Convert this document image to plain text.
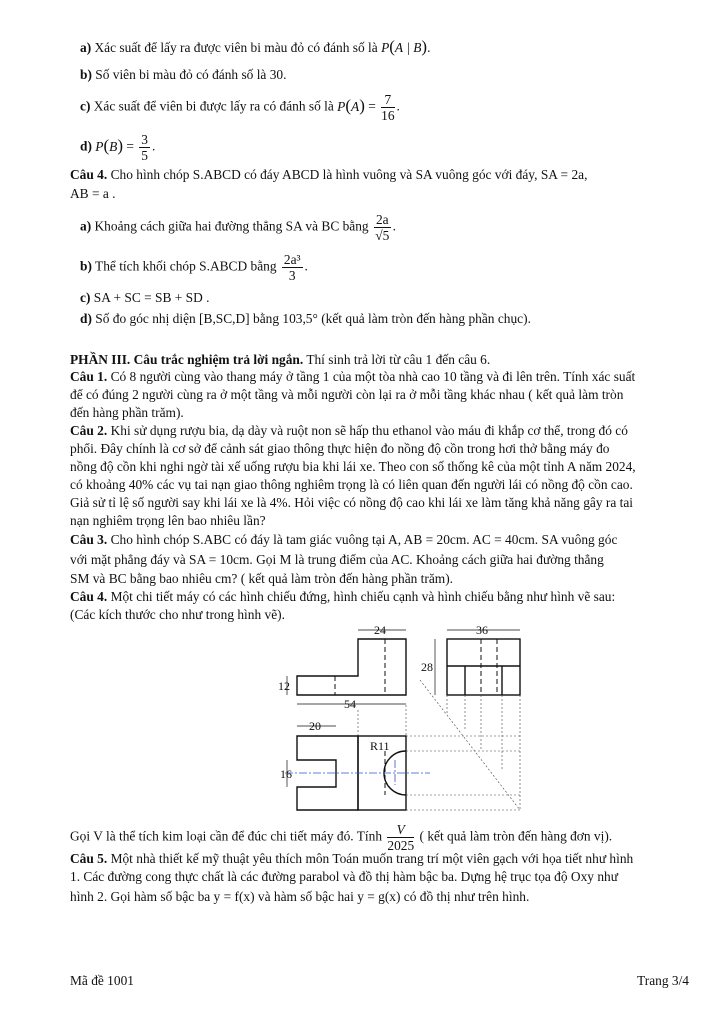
a) Xác suất để lấy ra được viên bi màu đỏ có đánh số là P(A | B).
b) Số viên bi màu đỏ có đánh số là 30.
c) Xác suất để viên bi được lấy ra có đánh số là $P(A) = \frac{7}{16}$ .
d) $P(B) = \frac{3}{5}$ .
Câu 4. Cho hình chóp S.ABCD có đáy ABCD là hình vuông và SA vuông góc với đáy, SA = 2a,
AB = a .
a) Khoảng cách giữa hai đường thẳng SA và BC bằng $\frac{2a}{√5}$ .
b) Thể tích khối chóp S.ABCD bằng $\frac{\text{2a³}}{3}$ .
c) SA + SC = SB + SD .
d) Số đo góc nhị diện [B,SC,D] bằng 103,5° (kết quả làm tròn đến hàng phần chục).
PHẦN III. Câu trắc nghiệm trả lời ngắn. Thí sinh trả lời từ câu 1 đến câu 6.
Câu 1. Có 8 người cùng vào thang máy ở tầng 1 của một tòa nhà cao 10 tầng và đi lên trên. Tính xác suất
để có đúng 2 người cùng ra ở một tầng và mỗi người còn lại ra ở mỗi tầng khác nhau ( kết quả làm tròn
đến hàng phần trăm).
Câu 2. Khi sử dụng rượu bia, dạ dày và ruột non sẽ hấp thu ethanol vào máu đi khắp cơ thể, trong đó có
phổi. Đây chính là cơ sở để cảnh sát giao thông thực hiện đo nồng độ cồn trong hơi thở bằng máy đo
nồng độ cồn khi nghi ngờ tài xế uống rượu bia khi lái xe. Theo con số thống kê của một tỉnh A năm 2024,
có khoảng 40% các vụ tai nạn giao thông nghiêm trọng là có liên quan đến người lái có nồng độ cồn cao.
Giả sử tỉ lệ số người say khi lái xe là 4%. Hỏi việc có nồng độ cao khi lái xe làm tăng khả năng gây ra tai
nạn nghiêm trọng lên bao nhiêu lần?
Câu 3. Cho hình chóp S.ABC có đáy là tam giác vuông tại A, AB = 20cm. AC = 40cm. SA vuông góc
với mặt phẳng đáy và SA = 10cm. Gọi M là trung điểm của AC. Khoảng cách giữa hai đường thẳng
SM và BC bằng bao nhiêu cm? ( kết quả làm tròn đến hàng phần trăm).
Câu 4. Một chi tiết máy có các hình chiếu đứng, hình chiếu cạnh và hình chiếu bằng như hình vẽ sau:
(Các kích thước cho như trong hình vẽ).
24	36
28
12
54
20
R11
16
Gọi V là thể tích kim loại cần để đúc chi tiết máy đó. Tính $\frac{V}{2025}$ ( kết quả làm tròn đến hàng đơn vị).
Câu 5. Một nhà thiết kế mỹ thuật yêu thích môn Toán muốn trang trí một viên gạch với họa tiết như hình
1. Các đường cong thực chất là các đường parabol và đồ thị hàm bậc ba. Dựng hệ trục tọa độ Oxy như
hình 2. Gọi hàm số bậc ba y = f(x) và hàm số bậc hai y = g(x) có đồ thị như trên hình.
Mã đề 1001	Trang 3/4
